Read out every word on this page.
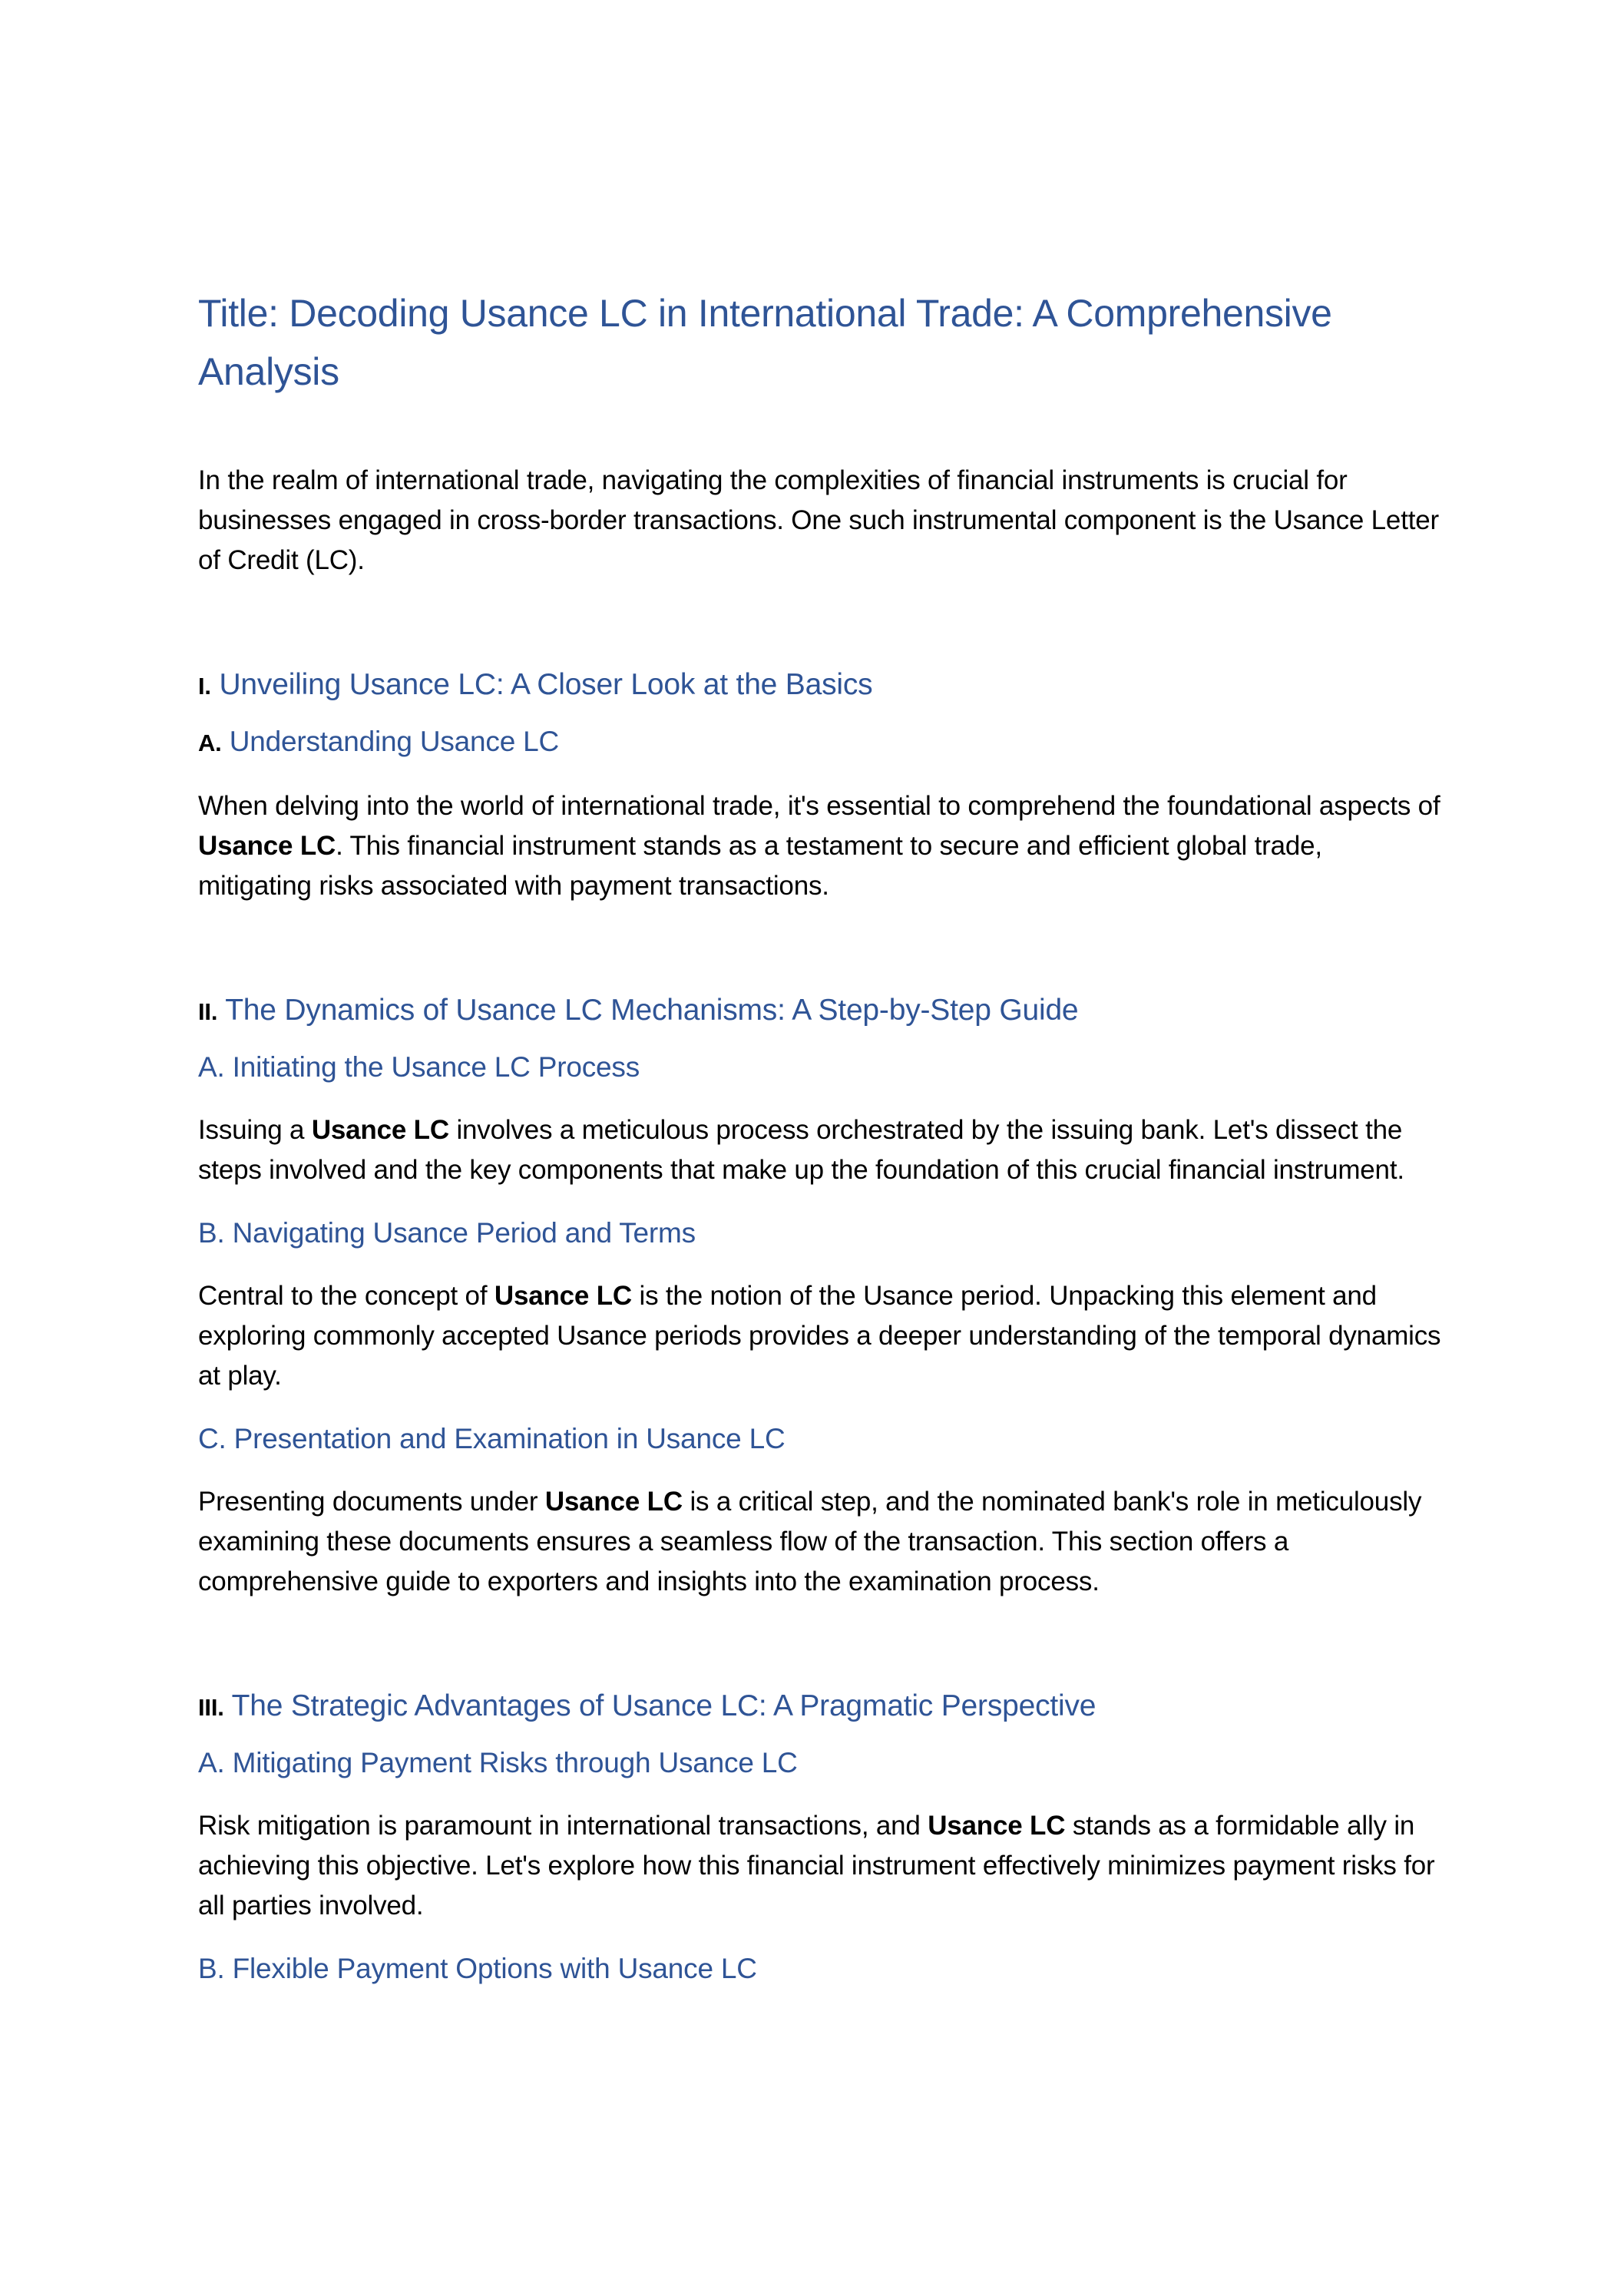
Title: Decoding Usance LC in International Trade: A Comprehensive Analysis

In the realm of international trade, navigating the complexities of financial instruments is crucial for businesses engaged in cross-border transactions. One such instrumental component is the Usance Letter of Credit (LC).

I. Unveiling Usance LC: A Closer Look at the Basics
A. Understanding Usance LC

When delving into the world of international trade, it's essential to comprehend the foundational aspects of Usance LC. This financial instrument stands as a testament to secure and efficient global trade, mitigating risks associated with payment transactions.

II. The Dynamics of Usance LC Mechanisms: A Step-by-Step Guide
A. Initiating the Usance LC Process

Issuing a Usance LC involves a meticulous process orchestrated by the issuing bank. Let's dissect the steps involved and the key components that make up the foundation of this crucial financial instrument.

B. Navigating Usance Period and Terms

Central to the concept of Usance LC is the notion of the Usance period. Unpacking this element and exploring commonly accepted Usance periods provides a deeper understanding of the temporal dynamics at play.

C. Presentation and Examination in Usance LC

Presenting documents under Usance LC is a critical step, and the nominated bank's role in meticulously examining these documents ensures a seamless flow of the transaction. This section offers a comprehensive guide to exporters and insights into the examination process.

III. The Strategic Advantages of Usance LC: A Pragmatic Perspective
A. Mitigating Payment Risks through Usance LC

Risk mitigation is paramount in international transactions, and Usance LC stands as a formidable ally in achieving this objective. Let's explore how this financial instrument effectively minimizes payment risks for all parties involved.

B. Flexible Payment Options with Usance LC
